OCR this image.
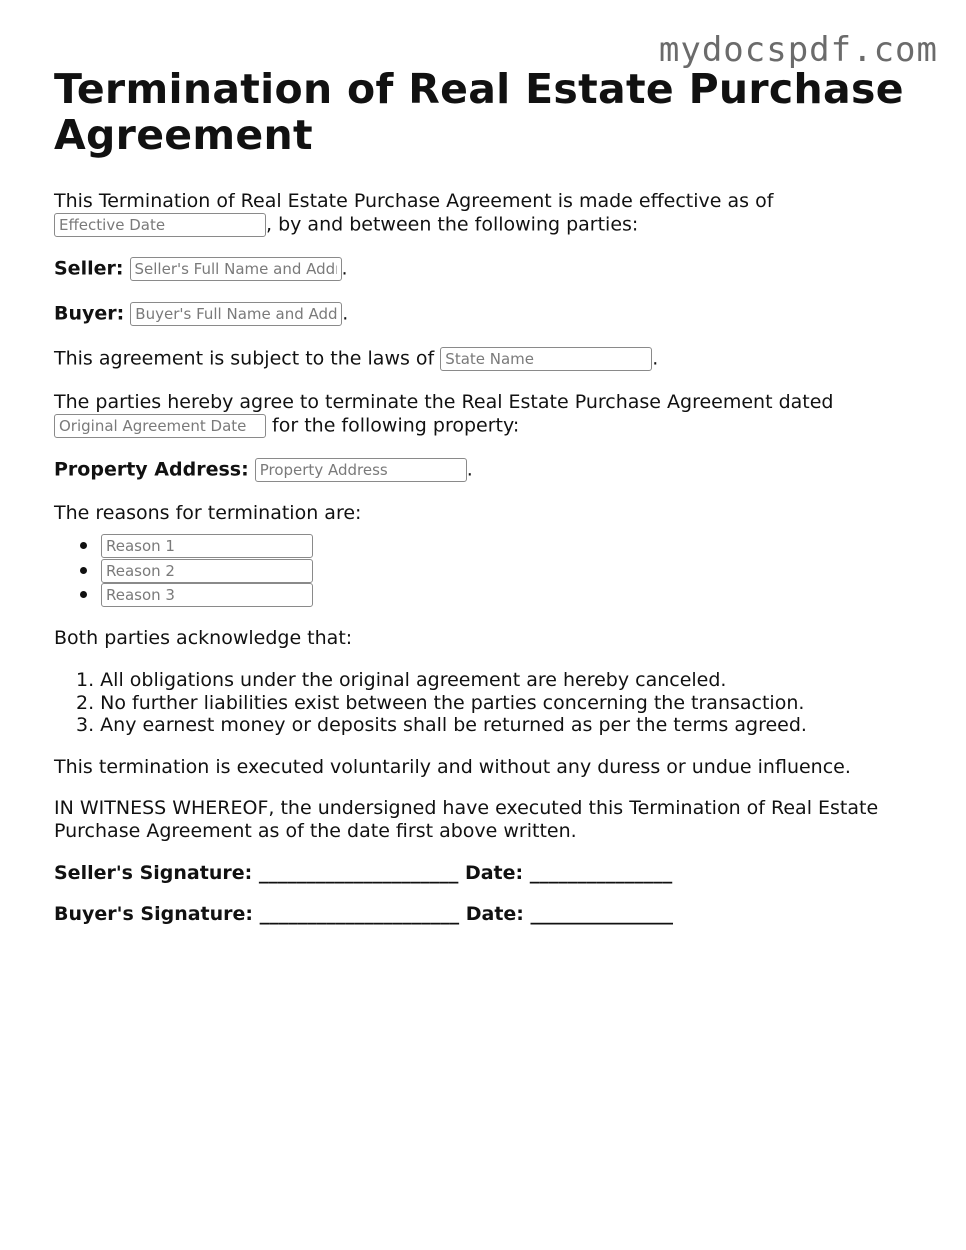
mydocspdf.com
Termination of Real Estate Purchase Agreement

This Termination of Real Estate Purchase Agreement is made effective as of
Effective Date, by and between the following parties:

Seller: Seller's Full Name and Address	.

Buyer: Buyer's Full Name and Address	.

This agreement is subject to the laws of State Name	.

The parties hereby agree to terminate the Real Estate Purchase Agreement dated
Original Agreement Date for the following property:

Property Address: Property Address	.

The reasons for termination are:

Reason 1
Reason 2
Reason 3

Both parties acknowledge that:

1. All obligations under the original agreement are hereby canceled.
2. No further liabilities exist between the parties concerning the transaction.
3. Any earnest money or deposits shall be returned as per the terms agreed.

This termination is executed voluntarily and without any duress or undue influence.

IN WITNESS WHEREOF, the undersigned have executed this Termination of Real Estate Purchase Agreement as of the date first above written.

Seller's Signature: _____________________ Date: _______________
Buyer's Signature: _____________________ Date: _______________
